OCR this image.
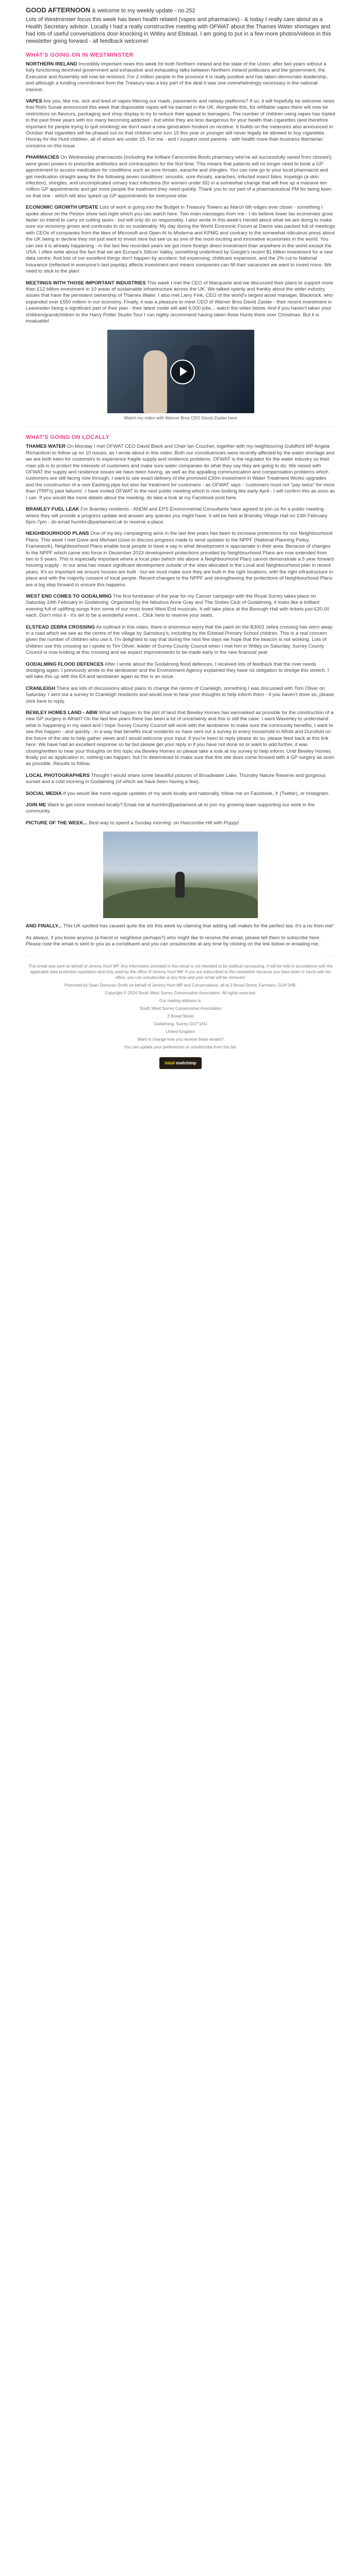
GOOD AFTERNOON & welcome to my weekly update - no.252

Lots of Westminster focus this week has been health related (vapes and pharmacies) - & today I really care about as a Health Secretary advisor. Locally I had a really constructive meeting with OFWAT about the Thames Water shortages and had lots of useful conversations door-knocking in Witley and Elstead. I am going to put in a few more photos/videos in this newsletter going forward - all feedback welcome!

WHAT'S GOING ON IN WESTMINSTER
NORTHERN IRELAND Incredibly important news this week for both Northern Ireland and the state of the Union: after two years without a fully functioning devolved government and exhaustive and exhausting talks between Northern Ireland politicians and the government, the Executive and Assembly will now be restored. For 2 million people in the province it is really positive and has taken democratic leadership, and although a funding commitment from the Treasury was a key part of the deal it was one overwhelmingly necessary in the national interest.
VAPES Are you, like me, sick and tired of vapes littering our roads, pavements and railway platforms? If so, it will hopefully be welcome news that Rishi Sunak announced this week that disposable vapes will be banned in the UK. Alongside this, for refillable vapes there will now be restrictions on flavours, packaging and shop display to try to reduce their appeal to teenagers. The number of children using vapes has tripled in the past three years with too many becoming addicted - but whilst they are less dangerous for your health than cigarettes (and therefore important for people trying to quit smoking) we don't want a new generation hooked on nicotine. It builds on the measures also announced in October that cigarettes will be phased out so that children who turn 15 this year or younger will never legally be allowed to buy cigarettes. Hooray for the Hunt children, all of whom are under 15. For me - and I suspect most parents - with health more than business libertarian concerns on this issue.
PHARMACIES On Wednesday pharmacists (including the brilliant Farncombe Boots pharmacy who've ad successfully saved from closure!) were given powers to prescribe antibiotics and contraception for the first time. This means that patients will no longer need to book a GP appointment to access medication for conditions such as sore throats, earache and shingles. You can now go to your local pharmacist and get medication straight away for the following seven conditions: sinusitis, sore throats, earaches, infected insect bites, impetigo (a skin infection), shingles, and uncomplicated urinary tract infections (for women under 65) in a somewhat change that will free up a massive ten million GP appointments and get more people the treatment they need quickly. Thank you to our part of a pharmaceutical PM for being keen on that one - which will also speed up GP appointments for everyone else.
ECONOMIC GROWTH UPDATE Lots of work is going into the Budget in Treasury Towers as March 6th edges ever closer - something I spoke about on the Peston show last night which you can watch here. Two main messages from me - I do believe lower tax economies grow faster so intend to carry on cutting taxes - but will only do so responsibly. I also wrote in this week's Herald about what we are doing to make sure our economy grows and continues to do so sustainably. My day during the World Economic Forum at Davos was packed full of meetings with CEOs of companies from the likes of Microsoft and Open AI to Moderna and KPMG and contrary to the somewhat ridiculous press about the UK being in decline they not just want to invest here but see us as one of the most exciting and innovative economies in the world. You can see it is already happening - in the last few recorded years we got more foreign direct investment than anywhere in the world except the USA. I often write about the fact that we are Europe's Silicon Valley, something underlined by Google's recent $1 billion investment for a new data centre. And lots of our excellent things don't happen by accident: full expensing, childcare expansion, and the 2% cut to National Insurance (reflected in everyone's last payslip) affects investment and means companies can fill their vacancies we want to invest more. We need to stick to the plan!
MEETINGS WITH THOSE IMPORTANT INDUSTRIES This week I met the CEO of Macquarie and we discussed their plans to support more than £12 billion investment in 10 areas of sustainable infrastructure across the UK. We talked openly and frankly about the wider industry issues that have the persistent ownership of Thames Water. I also met Larry Fink, CEO of the world's largest asset manager, Blackrock, who expanded over £550 million in our economy. Finally, it was a pleasure to meet CEO of Warner Bros David Zaslav - their recent investment in Leavesden being a significant part of their plan - their latest mode will add 4,000 jobs... watch the video below. And if you haven't taken your children/grandchildren to the Harry Potter Studio Tour I can highly recommend having taken three Hunts there over Christmas. But it is invaluable!
Watch my video with Warner Bros CEO David Zaslav here
WHAT'S GOING ON LOCALLY
THAMES WATER On Monday I met OFWAT CEO David Black and Chair Ian Coucher, together with my neighbouring Guildford MP Angela Richardson to follow up on 10 issues, as I wrote about in this video. Both our constituencies were recently affected by the water shortage and we are both keen for customers to experience fragile supply and resilience problems. OFWAT is the regulator for the water industry so their main job is to protect the interests of customers and make sure water companies do what they say they are going to do. We raised with OFWAT the supply and resilience issues we have been having, as well as the appalling communication and compensation problems which customers are still facing now through. I want to see exact delivery of the promised £30m investment in Water Treatment Works upgrades and the construction of a new Eashing pipe but also fair treatment for customers - as OFWAT says - 'customers must not "pay twice" for more than (TRP's) past failures'. I have invited OFWAT to the next public meeting which is now looking like early April - I will confirm this as soon as I can. If you would like more details about the meeting, do take a look at my Facebook post here.
BRAMLEY FUEL LEAK For Bramley residents - ANDM and EPS Environmental Consultants have agreed to join us for a public meeting where they will provide a progress update and answer any queries you might have. It will be held at Bramley Village Hall on 13th February 6pm-7pm - do email hunt4m@parliament.uk to reserve a place.
NEIGHBOURHOOD PLANS One of my key campaigning aims in the last few years has been to increase protections for our Neighbourhood Plans. This week I met Gove and Michael Gove to discuss progress made to send updates to the NPPF (National Planning Policy Framework). Neighbourhood Plans enable local people to have a say in what development is appropriate in their area. Because of changes to the NPPF which came into force in December 2023 development protections provided by Neighbourhood Plans are now extended from two to 5 years. This is especially important where a local plan (which sits above a Neighbourhood Plan) cannot demonstrate a 5 year forward housing supply - in our area has meant significant development outside of the sites allocated in the Local and Neighbourhood plan in recent years. It's so important we ensure houses are built - but we must make sure they are built in the right locations, with the right infrastructure in place and with the majority consent of local people. Recent changes to the NPPF and strengthening the protections of Neighbourhood Plans are a big step forward to ensure this happens.
WEST END COMES TO GODALMING The first fundraiser of the year for my Cancer campaign with the Royal Surrey takes place on Saturday 24th February in Godalming. Organised by the fabulous Anne Gray and The Sixties Club of Godalming, it looks like a brilliant evening full of uplifting songs from some of our most loved West End musicals. It will take place at the Borough Hall with tickets just £20.00 each. Don't miss it - it's set to be a wonderful event... Click here to reserve your seats.
ELSTEAD ZEBRA CROSSING As outlined in this video, there is enormous worry that the paint on the B3001 zebra crossing has worn away in a road which we see as the centre of the village by Sainsbury's, including by the Elstead Primary School children. This is a real concern given the number of children who use it. I'm delighted to say that during the next few days we hope that the beacon is not working. Lots of children use this crossing so I spoke to Tim Oliver, leader of Surrey County Council when I met him in Witley on Saturday. Surrey County Council is now looking at this crossing and we expect improvements to be made early in the new financial year.
GODALMING FLOOD DEFENCES After I wrote about the Godalming flood defences, I received lots of feedback that the river needs dredging again. I previously wrote to the landowner and the Environment Agency explained they have no obligation to dredge this stretch. I will take this up with the EA and landowner again as this is an issue.
CRANLEIGH There are lots of discussions about plans to change the centre of Cranleigh, something I was discussed with Tom Oliver on Saturday. I sent out a survey to Cranleigh residents and would love to hear your thoughts to help inform them - if you haven't done so, please click here to reply.
BEWLEY HOMES LAND - ABW What will happen to the plot of land that Bewley Homes has earmarked as possible for the construction of a new GP surgery in Alfold? On the last few years there has been a lot of uncertainty and this is still the case. I want Waverley to understand what is happening in my ward and I hope Surrey County Council will work with the landowner to make sure the community benefits. I want to see this happen - and quickly - in a way that benefits local residents so have sent out a survey to every household in Alfold and Dunsfold on the future of the site to help gather views and I would welcome your input. If you're keen to reply please do so, please feed back at this link here. We have had an excellent response so far but please get your reply in if you have not done so or want to add further, it was closing/written to hear your thoughts on this topic via Bewley Homes so please take a look at my survey to help inform. Until Bewley Homes finally put an application in, nothing can happen, but I'm determined to make sure that this site does come forward with a GP surgery as soon as possible. Results to follow.
LOCAL PHOTOGRAPHERS Thought I would share some beautiful pictures of Broadwater Lake, Thursley Nature Reserve and gorgeous sunset and a cold morning in Godalming (of which we have been having a few).
SOCIAL MEDIA If you would like more regular updates of my work locally and nationally, follow me on Facebook, X (Twitter), or Instagram.
JOIN ME Want to get more involved locally? Email me at hunt4m@parliament.uk to join my growing team supporting our work in the community.
PICTURE OF THE WEEK... Best way to spend a Sunday morning: on Hascombe Hill with Poppy!
AND FINALLY... This UK spotted has caused quite the stir this week by claiming that adding salt makes for the perfect tea. It's a no from me!
As always, if you know anyone (a friend or neighbour perhaps?) who might like to receive the email, please tell them to subscribe here. Please note the email is sent to you as a constituent and you can unsubscribe at any time by clicking on the link below or emailing me.

This email was sent on behalf of Jeremy Hunt MP. Any information provided in this email is not intended to be political canvassing. It will be held in accordance with the applicable data protection legislation and only used by the office of Jeremy Hunt MP. If you are subscribed to this newsletter because you have been in touch with his office, you can unsubscribe at any time and your email will be removed.

Promoted by Sean Donovan-Smith on behalf of Jeremy Hunt MP and Conservatives, all at 2 Broad Street, Farnham, GU8 0HB.

Copyright © 2024 South West Surrey Conservative Association. All rights reserved.

Our mailing address is:

South West Surrey Conservative Association

2 Broad Street

Godalming, Surrey GU7 1AG

United Kingdom

Want to change how you receive these emails?

You can update your preferences or unsubscribe from this list.

intuit mailchimp
